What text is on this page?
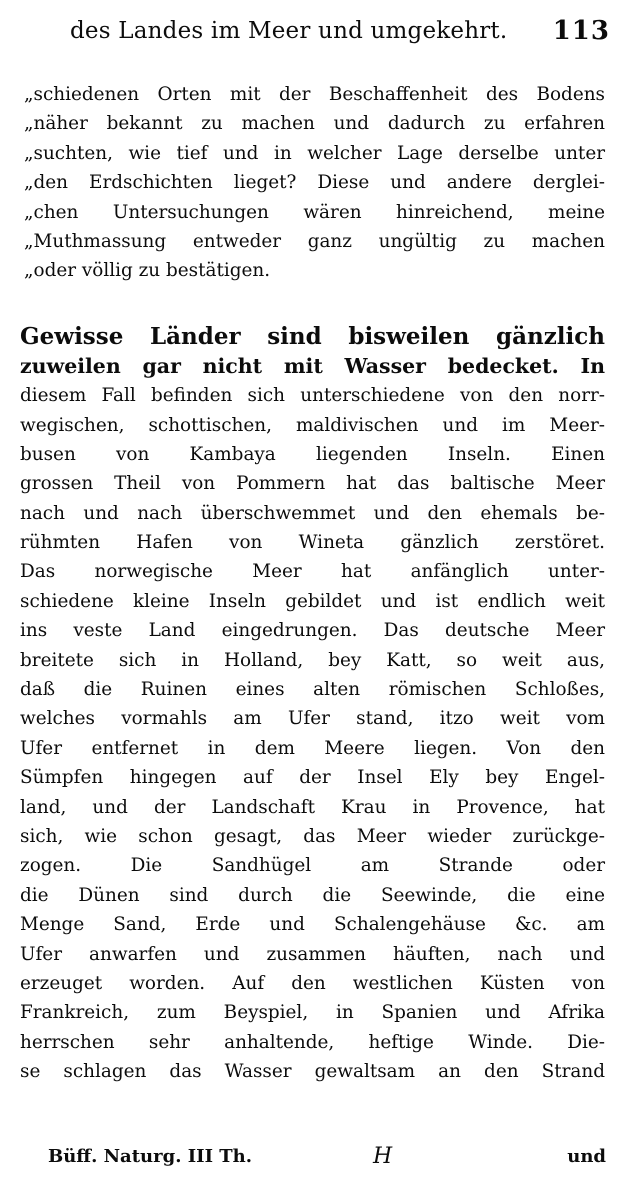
des Landes im Meer und umgekehrt. 113
„schiedenen Orten mit der Beschaffenheit des Bodens
„näher bekannt zu machen und dadurch zu erfahren
„suchten, wie tief und in welcher Lage derselbe unter
„den Erdschichten lieget? Diese und andere derglei-
„chen Untersuchungen wären hinreichend, meine
„Muthmassung entweder ganz ungültig zu machen
„oder völlig zu bestätigen.
Gewisse Länder sind bisweilen gänzlich
zuweilen gar nicht mit Wasser bedecket. In
diesem Fall befinden sich unterschiedene von den norr-
wegischen, schottischen, maldivischen und im Meer-
busen von Kambaya liegenden Inseln. Einen
grossen Theil von Pommern hat das baltische Meer
nach und nach überschwemmet und den ehemals be-
rühmten Hafen von Wineta gänzlich zerstöret.
Das norwegische Meer hat anfänglich unter-
schiedene kleine Inseln gebildet und ist endlich weit
ins veste Land eingedrungen. Das deutsche Meer
breitete sich in Holland, bey Katt, so weit aus,
daß die Ruinen eines alten römischen Schloßes,
welches vormahls am Ufer stand, itzo weit vom
Ufer entfernet in dem Meere liegen. Von den
Sümpfen hingegen auf der Insel Ely bey Engel-
land, und der Landschaft Krau in Provence, hat
sich, wie schon gesagt, das Meer wieder zurückge-
zogen. Die Sandhügel am Strande oder
die Dünen sind durch die Seewinde, die eine
Menge Sand, Erde und Schalengehäuse &c. am
Ufer anwarfen und zusammen häuften, nach und
erzeuget worden. Auf den westlichen Küsten von
Frankreich, zum Beyspiel, in Spanien und Afrika
herrschen sehr anhaltende, heftige Winde. Die-
se schlagen das Wasser gewaltsam an den Strand
Büff. Naturg. III Th.	H	und
